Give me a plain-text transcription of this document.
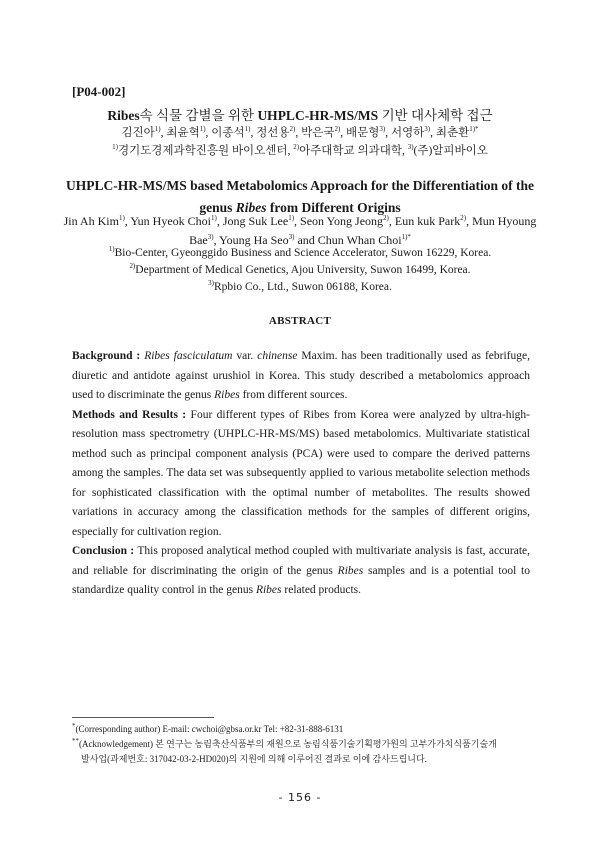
[P04-002]
Ribes속 식물 감별을 위한 UHPLC-HR-MS/MS 기반 대사체학 접근
김진아$^{1)}$, 최윤혁$^{1)}$, 이종석$^{1)}$, 정선용$^{2)}$, 박은국$^{2)}$, 배문형$^{3)}$, 서영하$^{3)}$, 최춘환$^{1)*}$
$^{1)}$경기도경제과학진흥원 바이오센터, $^{2)}$아주대학교 의과대학, $^{3)}$(주)알피바이오
UHPLC-HR-MS/MS based Metabolomics Approach for the Differentiation of the genus Ribes from Different Origins
Jin Ah Kim$^{1)}$, Yun Hyeok Choi$^{1)}$, Jong Suk Lee$^{1)}$, Seon Yong Jeong$^{2)}$, Eun kuk Park$^{2)}$, Mun Hyoung Bae$^{3)}$, Young Ha Seo$^{3)}$ and Chun Whan Choi$^{1)*}$
$^{1)}$Bio-Center, Gyeonggido Business and Science Accelerator, Suwon 16229, Korea.
$^{2)}$Department of Medical Genetics, Ajou University, Suwon 16499, Korea.
$^{3)}$Rpbio Co., Ltd., Suwon 06188, Korea.
ABSTRACT

Background : Ribes fasciculatum var. chinense Maxim. has been traditionally used as febrifuge, diuretic and antidote against urushiol in Korea. This study described a metabolomics approach used to discriminate the genus Ribes from different sources.

Methods and Results : Four different types of Ribes from Korea were analyzed by ultra-high-resolution mass spectrometry (UHPLC-HR-MS/MS) based metabolomics. Multivariate statistical method such as principal component analysis (PCA) were used to compare the derived patterns among the samples. The data set was subsequently applied to various metabolite selection methods for sophisticated classification with the optimal number of metabolites. The results showed variations in accuracy among the classification methods for the samples of different origins, especially for cultivation region.

Conclusion : This proposed analytical method coupled with multivariate analysis is fast, accurate, and reliable for discriminating the origin of the genus Ribes samples and is a potential tool to standardize quality control in the genus Ribes related products.

*(Corresponding author) E-mail: cwchoi@gbsa.or.kr Tel: +82-31-888-6131
**(Acknowledgement) 본 연구는 농림축산식품부의 재원으로 농림식품기술기획평가원의 고부가가치식품기술개
발사업(과제번호: 317042-03-2-HD020)의 지원에 의해 이루어진 결과로 이에 감사드립니다.
- 156 -
